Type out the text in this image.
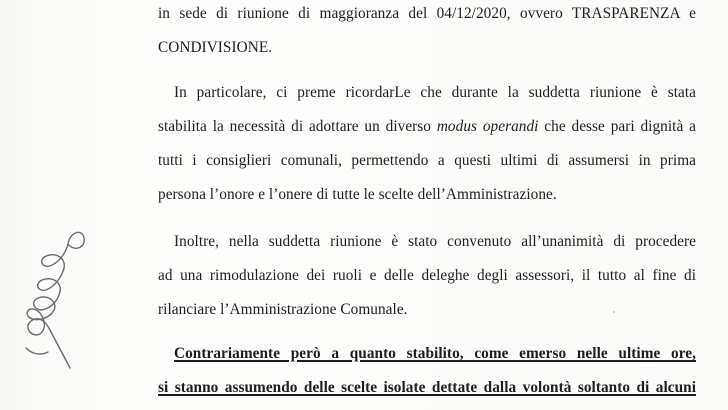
in sede di riunione di maggioranza del 04/12/2020, ovvero TRASPARENZA e
CONDIVISIONE.
In particolare, ci preme ricordarLe che durante la suddetta riunione è stata
stabilita la necessità di adottare un diverso modus operandi che desse pari dignità a
tutti i consiglieri comunali, permettendo a questi ultimi di assumersi in prima
persona l’onore e l’onere di tutte le scelte dell’Amministrazione.
Inoltre, nella suddetta riunione è stato convenuto all’unanimità di procedere
ad una rimodulazione dei ruoli e delle deleghe degli assessori, il tutto al fine di
rilanciare l’Amministrazione Comunale.
Contrariamente però a quanto stabilito, come emerso nelle ultime ore,
si stanno assumendo delle scelte isolate dettate dalla volontà soltanto di alcuni
